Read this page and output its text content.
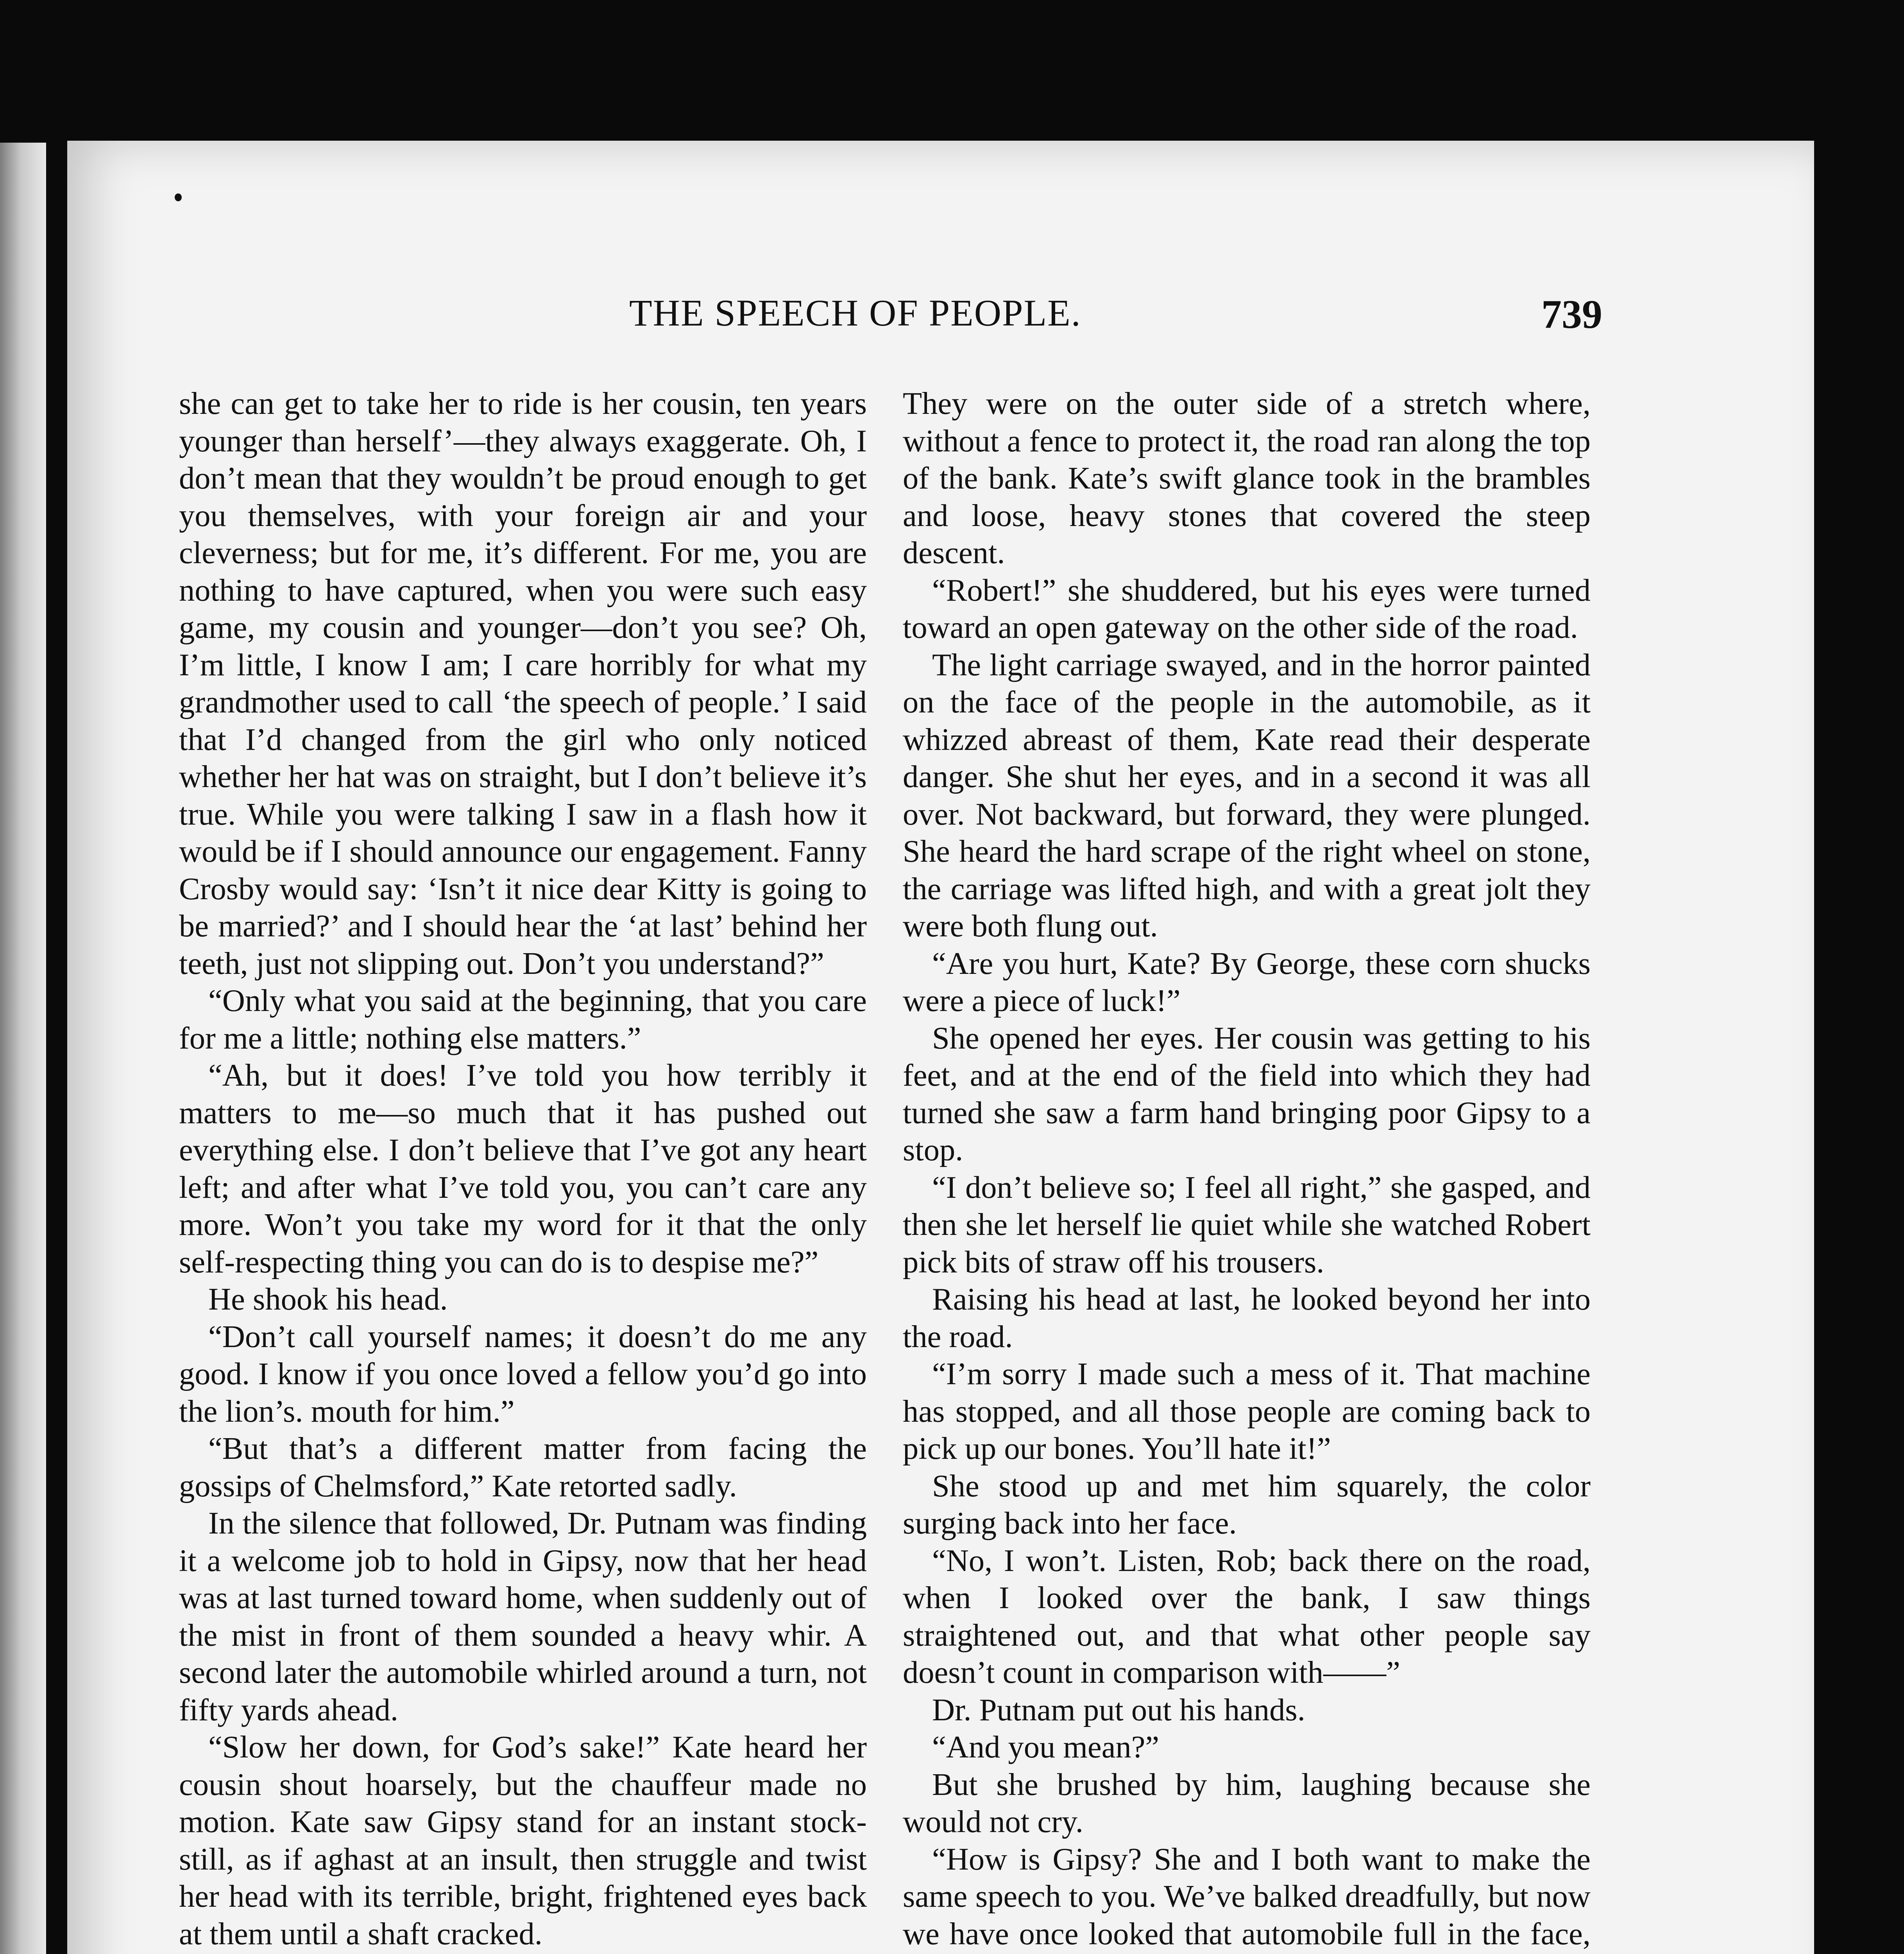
THE SPEECH OF PEOPLE.	739

she can get to take her to ride is her cousin, ten years younger than herself’—they always exaggerate. Oh, I don’t mean that they wouldn’t be proud enough to get you themselves, with your foreign air and your cleverness; but for me, it’s different. For me, you are nothing to have captured, when you were such easy game, my cousin and younger—don’t you see? Oh, I’m little, I know I am; I care horribly for what my grandmother used to call ‘the speech of people.’ I said that I’d changed from the girl who only noticed whether her hat was on straight, but I don’t believe it’s true. While you were talking I saw in a flash how it would be if I should announce our engagement. Fanny Crosby would say: ‘Isn’t it nice dear Kitty is going to be married?’ and I should hear the ‘at last’ behind her teeth, just not slipping out. Don’t you understand?”

“Only what you said at the beginning, that you care for me a little; nothing else matters.”

“Ah, but it does! I’ve told you how terribly it matters to me—so much that it has pushed out everything else. I don’t believe that I’ve got any heart left; and after what I’ve told you, you can’t care any more. Won’t you take my word for it that the only self-respecting thing you can do is to despise me?”

He shook his head.

“Don’t call yourself names; it doesn’t do me any good. I know if you once loved a fellow you’d go into the lion’s. mouth for him.”

“But that’s a different matter from facing the gossips of Chelmsford,” Kate retorted sadly.

In the silence that followed, Dr. Putnam was finding it a welcome job to hold in Gipsy, now that her head was at last turned toward home, when suddenly out of the mist in front of them sounded a heavy whir. A second later the automobile whirled around a turn, not fifty yards ahead.

“Slow her down, for God’s sake!” Kate heard her cousin shout hoarsely, but the chauffeur made no motion. Kate saw Gipsy stand for an instant stock-still, as if aghast at an insult, then struggle and twist her head with its terrible, bright, frightened eyes back at them until a shaft cracked.

They were on the outer side of a stretch where, without a fence to protect it, the road ran along the top of the bank. Kate’s swift glance took in the brambles and loose, heavy stones that covered the steep descent.

“Robert!” she shuddered, but his eyes were turned toward an open gateway on the other side of the road.

The light carriage swayed, and in the horror painted on the face of the people in the automobile, as it whizzed abreast of them, Kate read their desperate danger. She shut her eyes, and in a second it was all over. Not backward, but forward, they were plunged. She heard the hard scrape of the right wheel on stone, the carriage was lifted high, and with a great jolt they were both flung out.

“Are you hurt, Kate? By George, these corn shucks were a piece of luck!”

She opened her eyes. Her cousin was getting to his feet, and at the end of the field into which they had turned she saw a farm hand bringing poor Gipsy to a stop.

“I don’t believe so; I feel all right,” she gasped, and then she let herself lie quiet while she watched Robert pick bits of straw off his trousers.

Raising his head at last, he looked beyond her into the road.

“I’m sorry I made such a mess of it. That machine has stopped, and all those people are coming back to pick up our bones. You’ll hate it!”

She stood up and met him squarely, the color surging back into her face.

“No, I won’t. Listen, Rob; back there on the road, when I looked over the bank, I saw things straightened out, and that what other people say doesn’t count in comparison with——”

Dr. Putnam put out his hands.

“And you mean?”

But she brushed by him, laughing because she would not cry.

“How is Gipsy? She and I both want to make the same speech to you. We’ve balked dreadfully, but now we have once looked that automobile full in the face,
